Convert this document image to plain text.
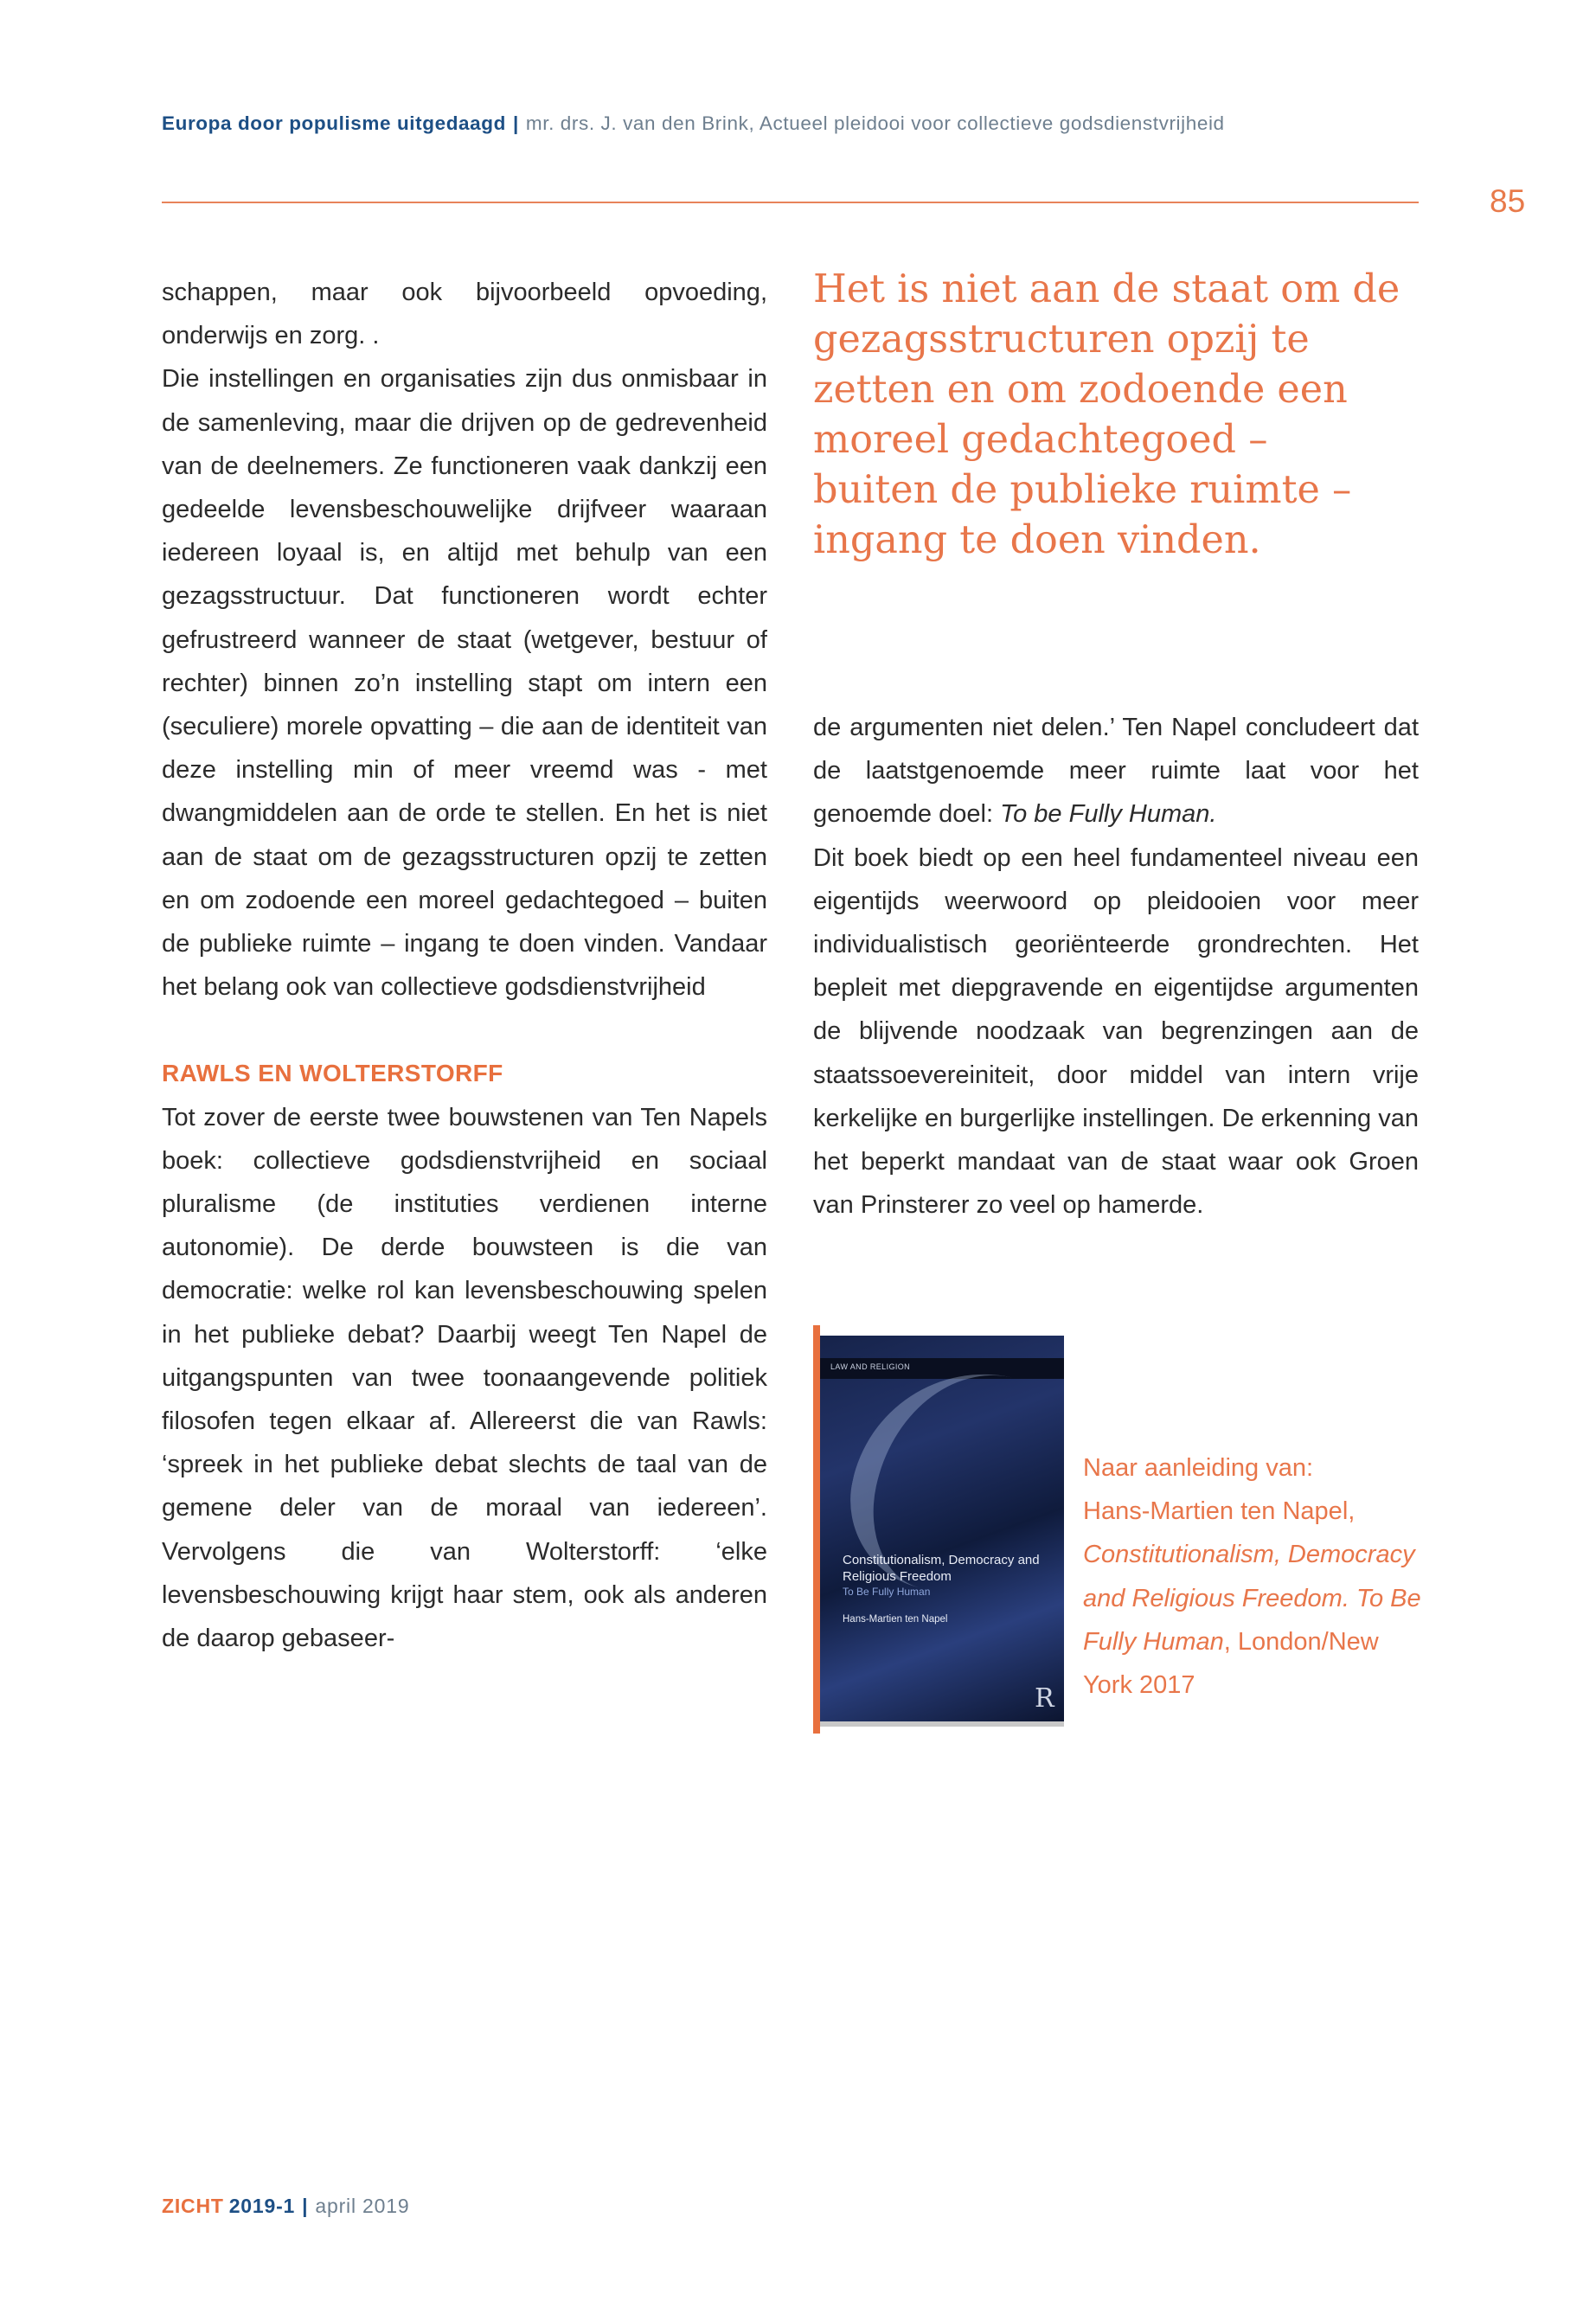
Europa door populisme uitgedaagd | mr. drs. J. van den Brink, Actueel pleidooi voor collectieve godsdienstvrijheid
85

schappen, maar ook bijvoorbeeld opvoeding, onderwijs en zorg. .

Die instellingen en organisaties zijn dus onmisbaar in de samenleving, maar die drijven op de gedrevenheid van de deelnemers. Ze functioneren vaak dankzij een gedeelde levensbeschouwelijke drijfveer waaraan iedereen loyaal is, en altijd met behulp van een gezagsstructuur. Dat functioneren wordt echter gefrustreerd wanneer de staat (wetgever, bestuur of rechter) binnen zo’n instelling stapt om intern een (seculiere) morele opvatting – die aan de identiteit van deze instelling min of meer vreemd was - met dwangmiddelen aan de orde te stellen. En het is niet aan de staat om de gezagsstructuren opzij te zetten en om zodoende een moreel gedachtegoed – buiten de publieke ruimte – ingang te doen vinden. Vandaar het belang ook van collectieve godsdienstvrijheid

RAWLS EN WOLTERSTORFF

Tot zover de eerste twee bouwstenen van Ten Napels boek: collectieve godsdienstvrijheid en sociaal pluralisme (de instituties verdienen interne autonomie). De derde bouwsteen is die van democratie: welke rol kan levensbeschouwing spelen in het publieke debat? Daarbij weegt Ten Napel de uitgangspunten van twee toonaangevende politiek filosofen tegen elkaar af. Allereerst die van Rawls: ‘spreek in het publieke debat slechts de taal van de gemene deler van de moraal van iedereen’. Vervolgens die van Wolterstorff: ‘elke levensbeschouwing krijgt haar stem, ook als anderen de daarop gebaseer-

Het is niet aan de staat om de gezagsstructuren opzij te zetten en om zodoende een moreel gedachtegoed – buiten de publieke ruimte – ingang te doen vinden.

de argumenten niet delen.’ Ten Napel concludeert dat de laatstgenoemde meer ruimte laat voor het genoemde doel: To be Fully Human.

Dit boek biedt op een heel fundamenteel niveau een eigentijds weerwoord op pleidooien voor meer individualistisch georiënteerde grondrechten. Het bepleit met diepgravende en eigentijdse argumenten de blijvende noodzaak van begrenzingen aan de staatssoevereiniteit, door middel van intern vrije kerkelijke en burgerlijke instellingen. De erkenning van het beperkt mandaat van de staat waar ook Groen van Prinsterer zo veel op hamerde.

LAW AND RELIGION
Constitutionalism, Democracy and Religious Freedom
To Be Fully Human
Hans-Martien ten Napel
R

Naar aanleiding van:
Hans-Martien ten Napel,
Constitutionalism, Democracy and Religious Freedom. To Be Fully Human, London/New York 2017

ZICHT 2019-1 | april 2019
